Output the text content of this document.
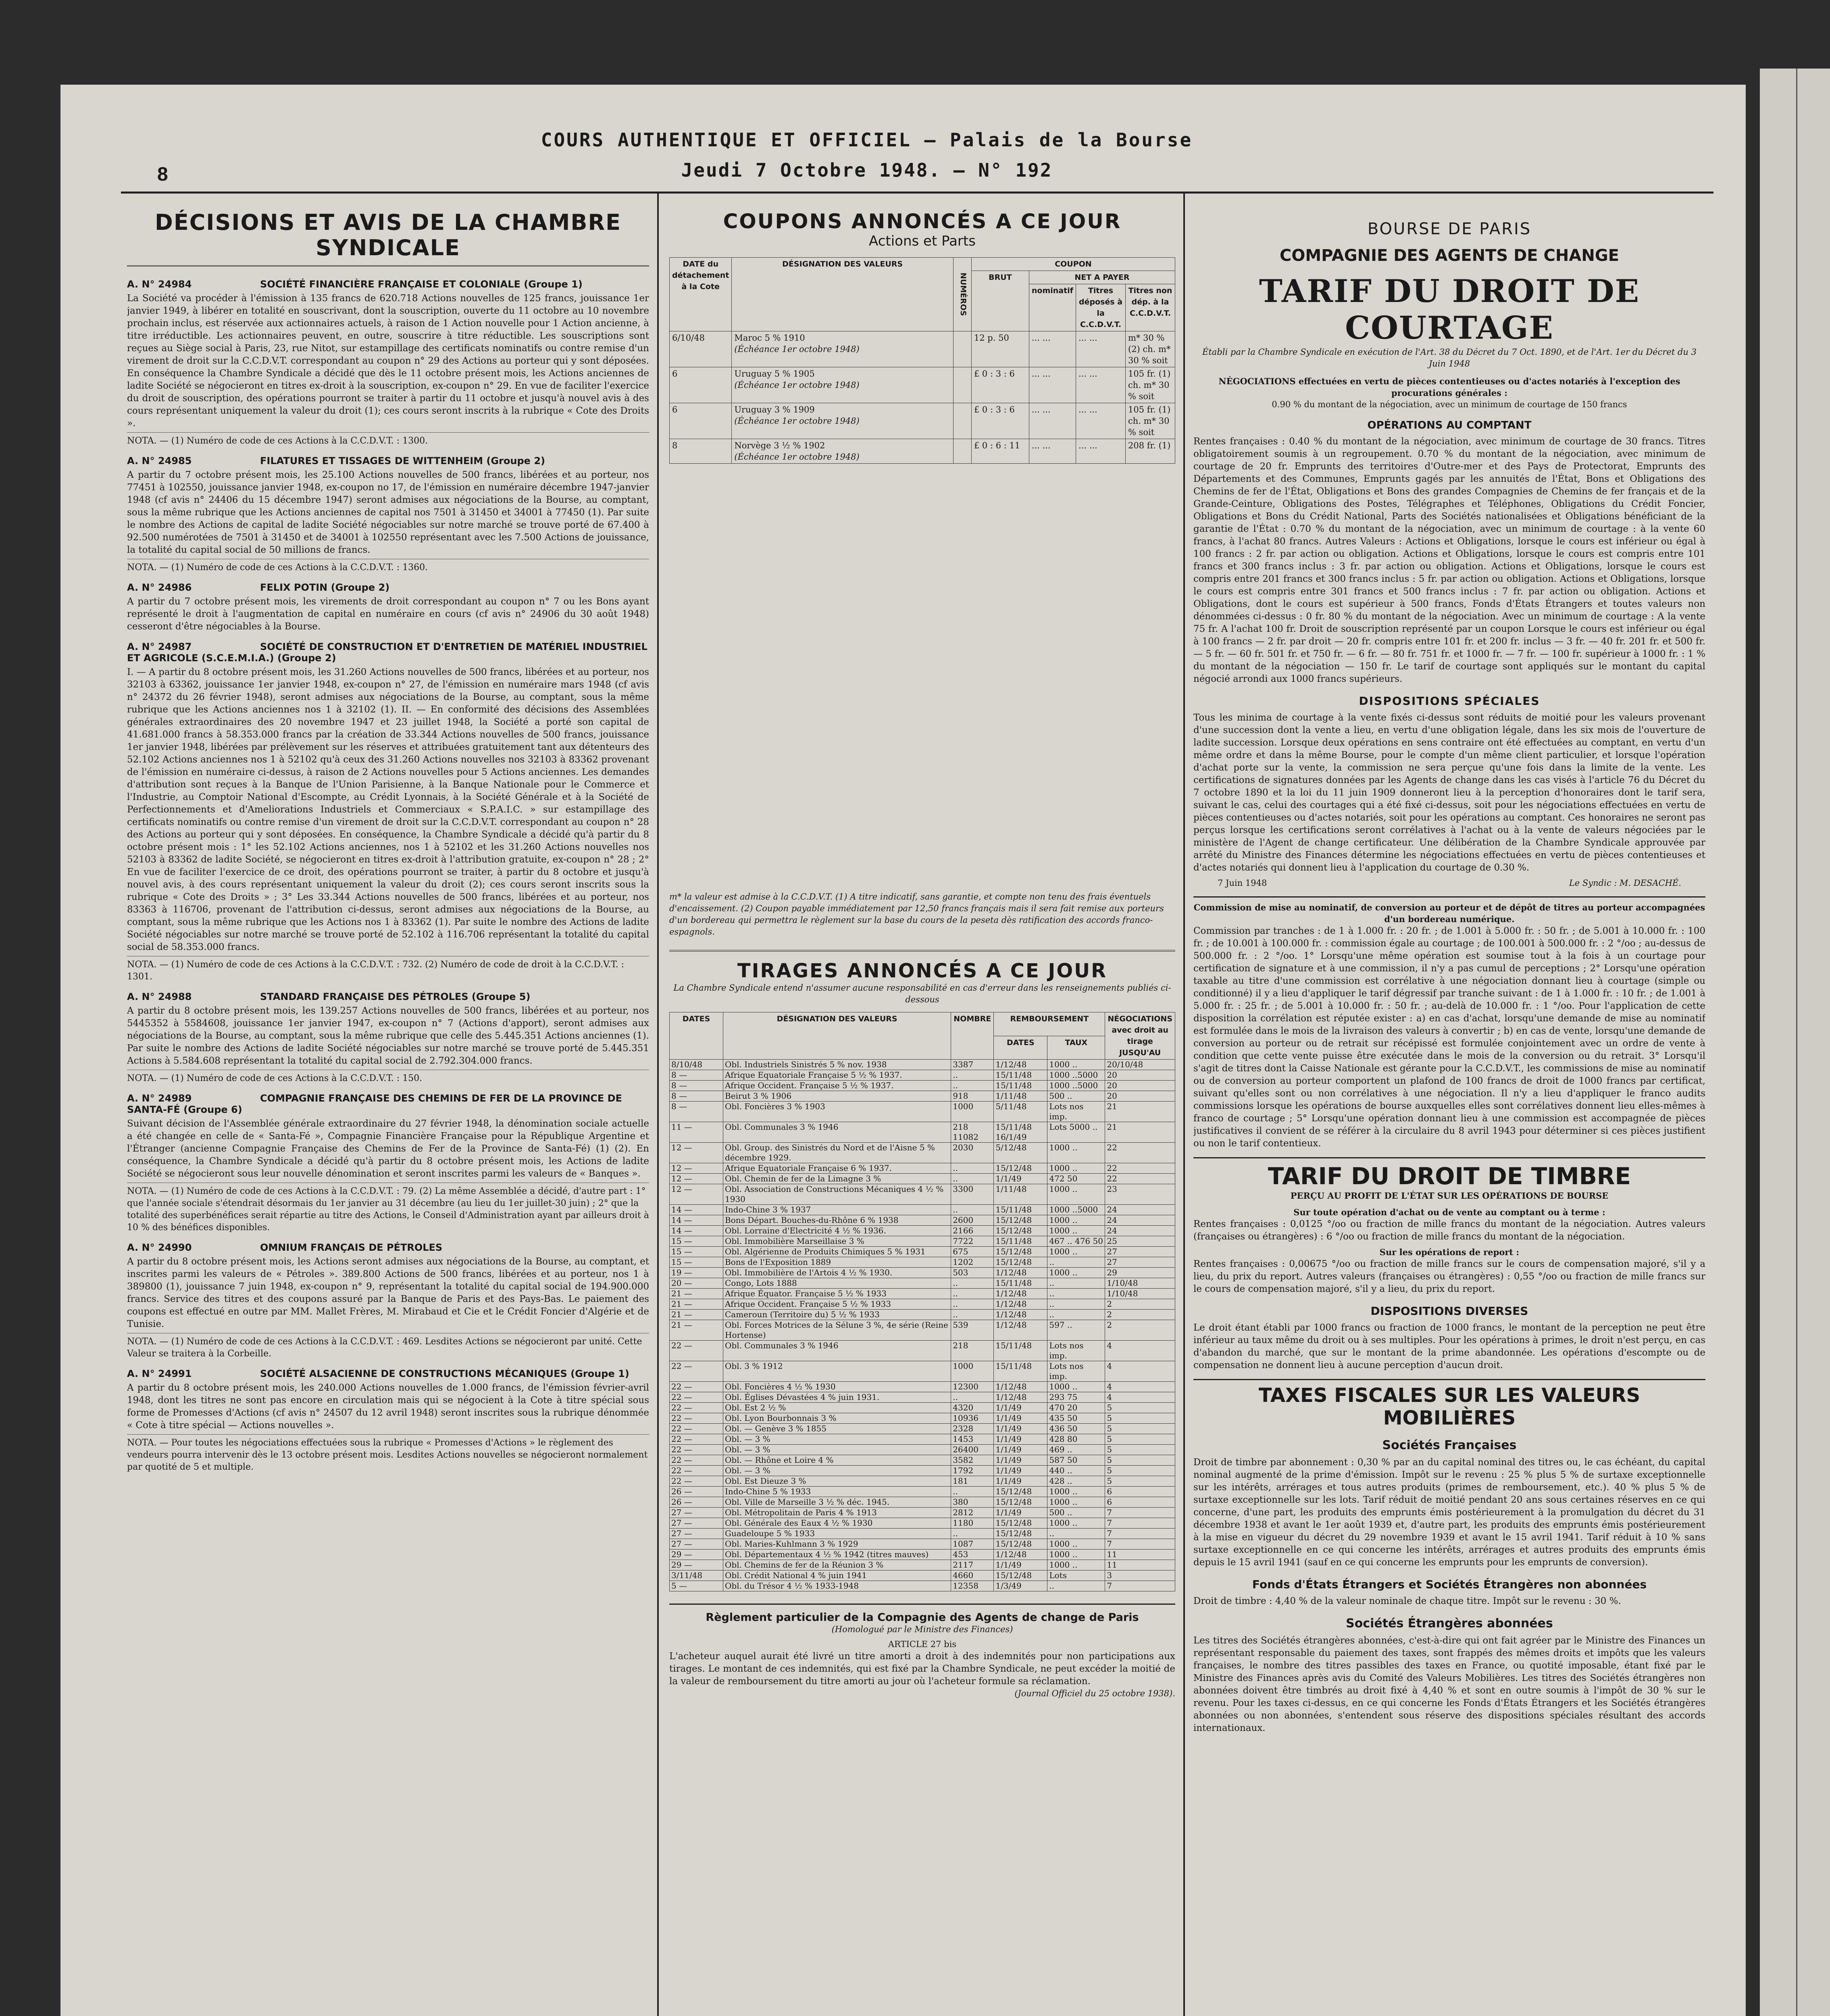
8
COURS AUTHENTIQUE ET OFFICIEL — Palais de la Bourse
Jeudi 7 Octobre 1948. — N° 192
DÉCISIONS ET AVIS DE LA CHAMBRE SYNDICALE
A. N° 24984	SOCIÉTÉ FINANCIÈRE FRANÇAISE ET COLONIALE (Groupe 1)
La Société va procéder à l'émission à 135 francs de 620.718 Actions nouvelles de 125 francs, jouissance 1er janvier 1949, à libérer en totalité en souscrivant, dont la souscription, ouverte du 11 octobre au 10 novembre prochain inclus, est réservée aux actionnaires actuels, à raison de 1 Action nouvelle pour 1 Action ancienne, à titre irréductible. Les actionnaires peuvent, en outre, souscrire à titre réductible. Les souscriptions sont reçues au Siège social à Paris, 23, rue Nitot, sur estampillage des certificats nominatifs ou contre remise d'un virement de droit sur la C.C.D.V.T. correspondant au coupon n° 29 des Actions au porteur qui y sont déposées. En conséquence la Chambre Syndicale a décidé que dès le 11 octobre présent mois, les Actions anciennes de ladite Société se négocieront en titres ex-droit à la souscription, ex-coupon n° 29. En vue de faciliter l'exercice du droit de souscription, des opérations pourront se traiter à partir du 11 octobre et jusqu'à nouvel avis à des cours représentant uniquement la valeur du droit (1); ces cours seront inscrits à la rubrique « Cote des Droits ».
NOTA. — (1) Numéro de code de ces Actions à la C.C.D.V.T. : 1300.
A. N° 24985	FILATURES ET TISSAGES DE WITTENHEIM (Groupe 2)
A partir du 7 octobre présent mois, les 25.100 Actions nouvelles de 500 francs, libérées et au porteur, nos 77451 à 102550, jouissance janvier 1948, ex-coupon no 17, de l'émission en numéraire décembre 1947-janvier 1948 (cf avis n° 24406 du 15 décembre 1947) seront admises aux négociations de la Bourse, au comptant, sous la même rubrique que les Actions anciennes de capital nos 7501 à 31450 et 34001 à 77450 (1). Par suite le nombre des Actions de capital de ladite Société négociables sur notre marché se trouve porté de 67.400 à 92.500 numérotées de 7501 à 31450 et de 34001 à 102550 représentant avec les 7.500 Actions de jouissance, la totalité du capital social de 50 millions de francs.
NOTA. — (1) Numéro de code de ces Actions à la C.C.D.V.T. : 1360.
A. N° 24986	FELIX POTIN (Groupe 2)
A partir du 7 octobre présent mois, les virements de droit correspondant au coupon n° 7 ou les Bons ayant représenté le droit à l'augmentation de capital en numéraire en cours (cf avis n° 24906 du 30 août 1948) cesseront d'être négociables à la Bourse.
A. N° 24987	SOCIÉTÉ DE CONSTRUCTION ET D'ENTRETIEN DE MATÉRIEL INDUSTRIEL ET AGRICOLE (S.C.E.M.I.A.) (Groupe 2)
I. — A partir du 8 octobre présent mois, les 31.260 Actions nouvelles de 500 francs, libérées et au porteur, nos 32103 à 63362, jouissance 1er janvier 1948, ex-coupon n° 27, de l'émission en numéraire mars 1948 (cf avis n° 24372 du 26 février 1948), seront admises aux négociations de la Bourse, au comptant, sous la même rubrique que les Actions anciennes nos 1 à 32102 (1). II. — En conformité des décisions des Assemblées générales extraordinaires des 20 novembre 1947 et 23 juillet 1948, la Société a porté son capital de 41.681.000 francs à 58.353.000 francs par la création de 33.344 Actions nouvelles de 500 francs, jouissance 1er janvier 1948, libérées par prélèvement sur les réserves et attribuées gratuitement tant aux détenteurs des 52.102 Actions anciennes nos 1 à 52102 qu'à ceux des 31.260 Actions nouvelles nos 32103 à 83362 provenant de l'émission en numéraire ci-dessus, à raison de 2 Actions nouvelles pour 5 Actions anciennes. Les demandes d'attribution sont reçues à la Banque de l'Union Parisienne, à la Banque Nationale pour le Commerce et l'Industrie, au Comptoir National d'Escompte, au Crédit Lyonnais, à la Société Générale et à la Société de Perfectionnements et d'Ameliorations Industriels et Commerciaux « S.P.A.I.C. » sur estampillage des certificats nominatifs ou contre remise d'un virement de droit sur la C.C.D.V.T. correspondant au coupon n° 28 des Actions au porteur qui y sont déposées. En conséquence, la Chambre Syndicale a décidé qu'à partir du 8 octobre présent mois : 1° les 52.102 Actions anciennes, nos 1 à 52102 et les 31.260 Actions nouvelles nos 52103 à 83362 de ladite Société, se négocieront en titres ex-droit à l'attribution gratuite, ex-coupon n° 28 ; 2° En vue de faciliter l'exercice de ce droit, des opérations pourront se traiter, à partir du 8 octobre et jusqu'à nouvel avis, à des cours représentant uniquement la valeur du droit (2); ces cours seront inscrits sous la rubrique « Cote des Droits » ; 3° Les 33.344 Actions nouvelles de 500 francs, libérées et au porteur, nos 83363 à 116706, provenant de l'attribution ci-dessus, seront admises aux négociations de la Bourse, au comptant, sous la même rubrique que les Actions nos 1 à 83362 (1). Par suite le nombre des Actions de ladite Société négociables sur notre marché se trouve porté de 52.102 à 116.706 représentant la totalité du capital social de 58.353.000 francs.
NOTA. — (1) Numéro de code de ces Actions à la C.C.D.V.T. : 732. (2) Numéro de code de droit à la C.C.D.V.T. : 1301.
A. N° 24988	STANDARD FRANÇAISE DES PÉTROLES (Groupe 5)
A partir du 8 octobre présent mois, les 139.257 Actions nouvelles de 500 francs, libérées et au porteur, nos 5445352 à 5584608, jouissance 1er janvier 1947, ex-coupon n° 7 (Actions d'apport), seront admises aux négociations de la Bourse, au comptant, sous la même rubrique que celle des 5.445.351 Actions anciennes (1). Par suite le nombre des Actions de ladite Société négociables sur notre marché se trouve porté de 5.445.351 Actions à 5.584.608 représentant la totalité du capital social de 2.792.304.000 francs.
NOTA. — (1) Numéro de code de ces Actions à la C.C.D.V.T. : 150.
A. N° 24989	COMPAGNIE FRANÇAISE DES CHEMINS DE FER DE LA PROVINCE DE SANTA-FÉ (Groupe 6)
Suivant décision de l'Assemblée générale extraordinaire du 27 février 1948, la dénomination sociale actuelle a été changée en celle de « Santa-Fé », Compagnie Financière Française pour la République Argentine et l'Étranger (ancienne Compagnie Française des Chemins de Fer de la Province de Santa-Fé) (1) (2). En conséquence, la Chambre Syndicale a décidé qu'à partir du 8 octobre présent mois, les Actions de ladite Société se négocieront sous leur nouvelle dénomination et seront inscrites parmi les valeurs de « Banques ».
NOTA. — (1) Numéro de code de ces Actions à la C.C.D.V.T. : 79. (2) La même Assemblée a décidé, d'autre part : 1° que l'année sociale s'étendrait désormais du 1er janvier au 31 décembre (au lieu du 1er juillet-30 juin) ; 2° que la totalité des superbénéfices serait répartie au titre des Actions, le Conseil d'Administration ayant par ailleurs droit à 10 % des bénéfices disponibles.
A. N° 24990	OMNIUM FRANÇAIS DE PÉTROLES
A partir du 8 octobre présent mois, les Actions seront admises aux négociations de la Bourse, au comptant, et inscrites parmi les valeurs de « Pétroles ». 389.800 Actions de 500 francs, libérées et au porteur, nos 1 à 389800 (1), jouissance 7 juin 1948, ex-coupon n° 9, représentant la totalité du capital social de 194.900.000 francs. Service des titres et des coupons assuré par la Banque de Paris et des Pays-Bas. Le paiement des coupons est effectué en outre par MM. Mallet Frères, M. Mirabaud et Cie et le Crédit Foncier d'Algérie et de Tunisie.
NOTA. — (1) Numéro de code de ces Actions à la C.C.D.V.T. : 469. Lesdites Actions se négocieront par unité. Cette Valeur se traitera à la Corbeille.
A. N° 24991	SOCIÉTÉ ALSACIENNE DE CONSTRUCTIONS MÉCANIQUES (Groupe 1)
A partir du 8 octobre présent mois, les 240.000 Actions nouvelles de 1.000 francs, de l'émission février-avril 1948, dont les titres ne sont pas encore en circulation mais qui se négocient à la Cote à titre spécial sous forme de Promesses d'Actions (cf avis n° 24507 du 12 avril 1948) seront inscrites sous la rubrique dénommée « Cote à titre spécial — Actions nouvelles ».
NOTA. — Pour toutes les négociations effectuées sous la rubrique « Promesses d'Actions » le règlement des vendeurs pourra intervenir dès le 13 octobre présent mois. Lesdites Actions nouvelles se négocieront normalement par quotité de 5 et multiple.
COUPONS ANNONCÉS A CE JOUR
Actions et Parts
DATE du détachement à la Cote	DÉSIGNATION DES VALEURS	NUMÉROS	COUPON			
			BRUT	NET A PAYER		
				nominatif	Titres déposés à la C.C.D.V.T.	Titres non dép. à la C.C.D.V.T.
6/10/48	Maroc 5 % 1910
(Échéance 1er octobre 1948)		12 p. 50	... ...	... ...	m* 30 % (2) ch. m* 30 % soit
6	Uruguay 5 % 1905
(Échéance 1er octobre 1948)		£ 0 : 3 : 6	... ...	... ...	105 fr. (1) ch. m* 30 % soit
6	Uruguay 3 % 1909
(Échéance 1er octobre 1948)		£ 0 : 3 : 6	... ...	... ...	105 fr. (1) ch. m* 30 % soit
8	Norvège 3 ½ % 1902
(Échéance 1er octobre 1948)		£ 0 : 6 : 11	... ...	... ...	208 fr. (1)
m* la valeur est admise à la C.C.D.V.T. (1) A titre indicatif, sans garantie, et compte non tenu des frais éventuels d'encaissement. (2) Coupon payable immédiatement par 12,50 francs français mais il sera fait remise aux porteurs d'un bordereau qui permettra le règlement sur la base du cours de la peseta dès ratification des accords franco-espagnols.
TIRAGES ANNONCÉS A CE JOUR
La Chambre Syndicale entend n'assumer aucune responsabilité en cas d'erreur dans les renseignements publiés ci-dessous
DATES	DÉSIGNATION DES VALEURS	NOMBRE	REMBOURSEMENT		NÉGOCIATIONS avec droit au tirage JUSQU'AU
			DATES	TAUX	
8/10/48	Obl. Industriels Sinistrés 5 % nov. 1938	3387	1/12/48	1000 ..	20/10/48
8 —	Afrique Equatoriale Française 5 ½ % 1937.	..	15/11/48	1000 ..5000	20
8 —	Afrique Occident. Française 5 ½ % 1937.	..	15/11/48	1000 ..5000	20
8 —	Beirut 3 % 1906	918	1/11/48	500 ..	20
8 —	Obl. Foncières 3 % 1903	1000	5/11/48	Lots nos imp.	21
11 —	Obl. Communales 3 % 1946	218 11082	15/11/48 16/1/49	Lots 5000 ..	21
12 —	Obl. Group. des Sinistrés du Nord et de l'Aisne 5 % décembre 1929.	2030	5/12/48	1000 ..	22
12 —	Afrique Equatoriale Française 6 % 1937.	..	15/12/48	1000 ..	22
12 —	Obl. Chemin de fer de la Limagne 3 %	..	1/1/49	472 50	22
12 —	Obl. Association de Constructions Mécaniques 4 ½ % 1930	3300	1/11/48	1000 ..	23
14 —	Indo-Chine 3 % 1937	..	15/11/48	1000 ..5000	24
14 —	Bons Départ. Bouches-du-Rhône 6 % 1938	2600	15/12/48	1000 ..	24
14 —	Obl. Lorraine d'Electricité 4 ½ % 1936.	2166	15/12/48	1000 ..	24
15 —	Obl. Immobilière Marseillaise 3 %	7722	15/11/48	467 .. 476 50	25
15 —	Obl. Algérienne de Produits Chimiques 5 % 1931	675	15/12/48	1000 ..	27
15 —	Bons de l'Exposition 1889	1202	15/12/48	..	27
19 —	Obl. Immobilière de l'Artois 4 ½ % 1930.	503	1/12/48	1000 ..	29
20 —	Congo, Lots 1888	..	15/11/48	..	1/10/48
21 —	Afrique Équator. Française 5 ½ % 1933	..	1/12/48	..	1/10/48
21 —	Afrique Occident. Française 5 ½ % 1933	..	1/12/48	..	2
21 —	Cameroun (Territoire du) 5 ½ % 1933	..	1/12/48	..	2
21 —	Obl. Forces Motrices de la Sélune 3 %, 4e série (Reine Hortense)	539	1/12/48	597 ..	2
22 —	Obl. Communales 3 % 1946	218	15/11/48	Lots nos imp.	4
22 —	Obl. 3 % 1912	1000	15/11/48	Lots nos imp.	4
22 —	Obl. Foncières 4 ½ % 1930	12300	1/12/48	1000 ..	4
22 —	Obl. Églises Dévastées 4 % juin 1931.	..	1/12/48	293 75	4
22 —	Obl. Est 2 ½ %	4320	1/1/49	470 20	5
22 —	Obl. Lyon Bourbonnais 3 %	10936	1/1/49	435 50	5
22 —	Obl. — Genève 3 % 1855	2328	1/1/49	436 50	5
22 —	Obl. — 3 %	1453	1/1/49	428 80	5
22 —	Obl. — 3 %	26400	1/1/49	469 ..	5
22 —	Obl. — Rhône et Loire 4 %	3582	1/1/49	587 50	5
22 —	Obl. — 3 %	1792	1/1/49	440 ..	5
22 —	Obl. Est Dieuze 3 %	181	1/1/49	428 ..	5
26 —	Indo-Chine 5 % 1933	..	15/12/48	1000 ..	6
26 —	Obl. Ville de Marseille 3 ½ % déc. 1945.	380	15/12/48	1000 ..	6
27 —	Obl. Métropolitain de Paris 4 % 1913	2812	1/1/49	500 ..	7
27 —	Obl. Générale des Eaux 4 ½ % 1930	1180	15/12/48	1000 ..	7
27 —	Guadeloupe 5 % 1933	..	15/12/48	..	7
27 —	Obl. Maries-Kuhlmann 3 % 1929	1087	15/12/48	1000 ..	7
29 —	Obl. Départementaux 4 ½ % 1942 (titres mauves)	453	1/12/48	1000 ..	11
29 —	Obl. Chemins de fer de la Réunion 3 %	2117	1/1/49	1000 ..	11
3/11/48	Obl. Crédit National 4 % juin 1941	4660	15/12/48	Lots	3
5 —	Obl. du Trésor 4 ½ % 1933-1948	12358	1/3/49	..	7
Règlement particulier de la Compagnie des Agents de change de Paris
(Homologué par le Ministre des Finances)
ARTICLE 27 bis
L'acheteur auquel aurait été livré un titre amorti a droit à des indemnités pour non participations aux tirages. Le montant de ces indemnités, qui est fixé par la Chambre Syndicale, ne peut excéder la moitié de la valeur de remboursement du titre amorti au jour où l'acheteur formule sa réclamation.
(Journal Officiel du 25 octobre 1938).
BOURSE DE PARIS
COMPAGNIE DES AGENTS DE CHANGE
TARIF DU DROIT DE COURTAGE
Établi par la Chambre Syndicale en exécution de l'Art. 38 du Décret du 7 Oct. 1890, et de l'Art. 1er du Décret du 3 Juin 1948
NÉGOCIATIONS effectuées en vertu de pièces contentieuses ou d'actes notariés à l'exception des procurations générales :
0.90 % du montant de la négociation, avec un minimum de courtage de 150 francs
OPÉRATIONS AU COMPTANT
Rentes françaises : 0.40 % du montant de la négociation, avec minimum de courtage de 30 francs. Titres obligatoirement soumis à un regroupement. 0.70 % du montant de la négociation, avec minimum de courtage de 20 fr. Emprunts des territoires d'Outre-mer et des Pays de Protectorat, Emprunts des Départements et des Communes, Emprunts gagés par les annuités de l'État, Bons et Obligations des Chemins de fer de l'État, Obligations et Bons des grandes Compagnies de Chemins de fer français et de la Grande-Ceinture, Obligations des Postes, Télégraphes et Téléphones, Obligations du Crédit Foncier, Obligations et Bons du Crédit National, Parts des Sociétés nationalisées et Obligations bénéficiant de la garantie de l'État : 0.70 % du montant de la négociation, avec un minimum de courtage : à la vente 60 francs, à l'achat 80 francs. Autres Valeurs : Actions et Obligations, lorsque le cours est inférieur ou égal à 100 francs : 2 fr. par action ou obligation. Actions et Obligations, lorsque le cours est compris entre 101 francs et 300 francs inclus : 3 fr. par action ou obligation. Actions et Obligations, lorsque le cours est compris entre 201 francs et 300 francs inclus : 5 fr. par action ou obligation. Actions et Obligations, lorsque le cours est compris entre 301 francs et 500 francs inclus : 7 fr. par action ou obligation. Actions et Obligations, dont le cours est supérieur à 500 francs, Fonds d'États Étrangers et toutes valeurs non dénommées ci-dessus : 0 fr. 80 % du montant de la négociation. Avec un minimum de courtage : A la vente 75 fr. A l'achat 100 fr. Droit de souscription représenté par un coupon Lorsque le cours est inférieur ou égal à 100 francs — 2 fr. par droit — 20 fr. compris entre 101 fr. et 200 fr. inclus — 3 fr. — 40 fr. 201 fr. et 500 fr. — 5 fr. — 60 fr. 501 fr. et 750 fr. — 6 fr. — 80 fr. 751 fr. et 1000 fr. — 7 fr. — 100 fr. supérieur à 1000 fr. : 1 % du montant de la négociation — 150 fr. Le tarif de courtage sont appliqués sur le montant du capital négocié arrondi aux 1000 francs supérieurs.
DISPOSITIONS SPÉCIALES
Tous les minima de courtage à la vente fixés ci-dessus sont réduits de moitié pour les valeurs provenant d'une succession dont la vente a lieu, en vertu d'une obligation légale, dans les six mois de l'ouverture de ladite succession. Lorsque deux opérations en sens contraire ont été effectuées au comptant, en vertu d'un même ordre et dans la même Bourse, pour le compte d'un même client particulier, et lorsque l'opération d'achat porte sur la vente, la commission ne sera perçue qu'une fois dans la limite de la vente. Les certifications de signatures données par les Agents de change dans les cas visés à l'article 76 du Décret du 7 octobre 1890 et la loi du 11 juin 1909 donneront lieu à la perception d'honoraires dont le tarif sera, suivant le cas, celui des courtages qui a été fixé ci-dessus, soit pour les négociations effectuées en vertu de pièces contentieuses ou d'actes notariés, soit pour les opérations au comptant. Ces honoraires ne seront pas perçus lorsque les certifications seront corrélatives à l'achat ou à la vente de valeurs négociées par le ministère de l'Agent de change certificateur. Une délibération de la Chambre Syndicale approuvée par arrêté du Ministre des Finances détermine les négociations effectuées en vertu de pièces contentieuses et d'actes notariés qui donnent lieu à l'application du courtage de 0.30 %.
7 Juin 1948	Le Syndic : M. DESACHÉ.
Commission de mise au nominatif, de conversion au porteur et de dépôt de titres au porteur accompagnées d'un bordereau numérique.
Commission par tranches : de 1 à 1.000 fr. : 20 fr. ; de 1.001 à 5.000 fr. : 50 fr. ; de 5.001 à 10.000 fr. : 100 fr. ; de 10.001 à 100.000 fr. : commission égale au courtage ; de 100.001 à 500.000 fr. : 2 °/oo ; au-dessus de 500.000 fr. : 2 °/oo. 1° Lorsqu'une même opération est soumise tout à la fois à un courtage pour certification de signature et à une commission, il n'y a pas cumul de perceptions ; 2° Lorsqu'une opération taxable au titre d'une commission est corrélative à une négociation donnant lieu à courtage (simple ou conditionné) il y a lieu d'appliquer le tarif dégressif par tranche suivant : de 1 à 1.000 fr. : 10 fr. ; de 1.001 à 5.000 fr. : 25 fr. ; de 5.001 à 10.000 fr. : 50 fr. ; au-delà de 10.000 fr. : 1 °/oo. Pour l'application de cette disposition la corrélation est réputée exister : a) en cas d'achat, lorsqu'une demande de mise au nominatif est formulée dans le mois de la livraison des valeurs à convertir ; b) en cas de vente, lorsqu'une demande de conversion au porteur ou de retrait sur récépissé est formulée conjointement avec un ordre de vente à condition que cette vente puisse être exécutée dans le mois de la conversion ou du retrait. 3° Lorsqu'il s'agit de titres dont la Caisse Nationale est gérante pour la C.C.D.V.T., les commissions de mise au nominatif ou de conversion au porteur comportent un plafond de 100 francs de droit de 1000 francs par certificat, suivant qu'elles sont ou non corrélatives à une négociation. Il n'y a lieu d'appliquer le franco audits commissions lorsque les opérations de bourse auxquelles elles sont corrélatives donnent lieu elles-mêmes à franco de courtage ; 5° Lorsqu'une opération donnant lieu à une commission est accompagnée de pièces justificatives il convient de se référer à la circulaire du 8 avril 1943 pour déterminer si ces pièces justifient ou non le tarif contentieux.
TARIF DU DROIT DE TIMBRE
PERÇU AU PROFIT DE L'ÉTAT SUR LES OPÉRATIONS DE BOURSE
Sur toute opération d'achat ou de vente au comptant ou à terme :
Rentes françaises : 0,0125 °/oo ou fraction de mille francs du montant de la négociation. Autres valeurs (françaises ou étrangères) : 6 °/oo ou fraction de mille francs du montant de la négociation.
Sur les opérations de report :
Rentes françaises : 0,00675 °/oo ou fraction de mille francs sur le cours de compensation majoré, s'il y a lieu, du prix du report. Autres valeurs (françaises ou étrangères) : 0,55 °/oo ou fraction de mille francs sur le cours de compensation majoré, s'il y a lieu, du prix du report.
DISPOSITIONS DIVERSES
Le droit étant établi par 1000 francs ou fraction de 1000 francs, le montant de la perception ne peut être inférieur au taux même du droit ou à ses multiples. Pour les opérations à primes, le droit n'est perçu, en cas d'abandon du marché, que sur le montant de la prime abandonnée. Les opérations d'escompte ou de compensation ne donnent lieu à aucune perception d'aucun droit.
TAXES FISCALES SUR LES VALEURS MOBILIÈRES
Sociétés Françaises
Droit de timbre par abonnement : 0,30 % par an du capital nominal des titres ou, le cas échéant, du capital nominal augmenté de la prime d'émission. Impôt sur le revenu : 25 % plus 5 % de surtaxe exceptionnelle sur les intérêts, arrérages et tous autres produits (primes de remboursement, etc.). 40 % plus 5 % de surtaxe exceptionnelle sur les lots. Tarif réduit de moitié pendant 20 ans sous certaines réserves en ce qui concerne, d'une part, les produits des emprunts émis postérieurement à la promulgation du décret du 31 décembre 1938 et avant le 1er août 1939 et, d'autre part, les produits des emprunts émis postérieurement à la mise en vigueur du décret du 29 novembre 1939 et avant le 15 avril 1941. Tarif réduit à 10 % sans surtaxe exceptionnelle en ce qui concerne les intérêts, arrérages et autres produits des emprunts émis depuis le 15 avril 1941 (sauf en ce qui concerne les emprunts pour les emprunts de conversion).
Fonds d'États Étrangers et Sociétés Étrangères non abonnées
Droit de timbre : 4,40 % de la valeur nominale de chaque titre. Impôt sur le revenu : 30 %.
Sociétés Étrangères abonnées
Les titres des Sociétés étrangères abonnées, c'est-à-dire qui ont fait agréer par le Ministre des Finances un représentant responsable du paiement des taxes, sont frappés des mêmes droits et impôts que les valeurs françaises, le nombre des titres passibles des taxes en France, ou quotité imposable, étant fixé par le Ministre des Finances après avis du Comité des Valeurs Mobilières. Les titres des Sociétés étrangères non abonnées doivent être timbrés au droit fixé à 4,40 % et sont en outre soumis à l'impôt de 30 % sur le revenu. Pour les taxes ci-dessus, en ce qui concerne les Fonds d'États Étrangers et les Sociétés étrangères abonnées ou non abonnées, s'entendent sous réserve des dispositions spéciales résultant des accords internationaux.
